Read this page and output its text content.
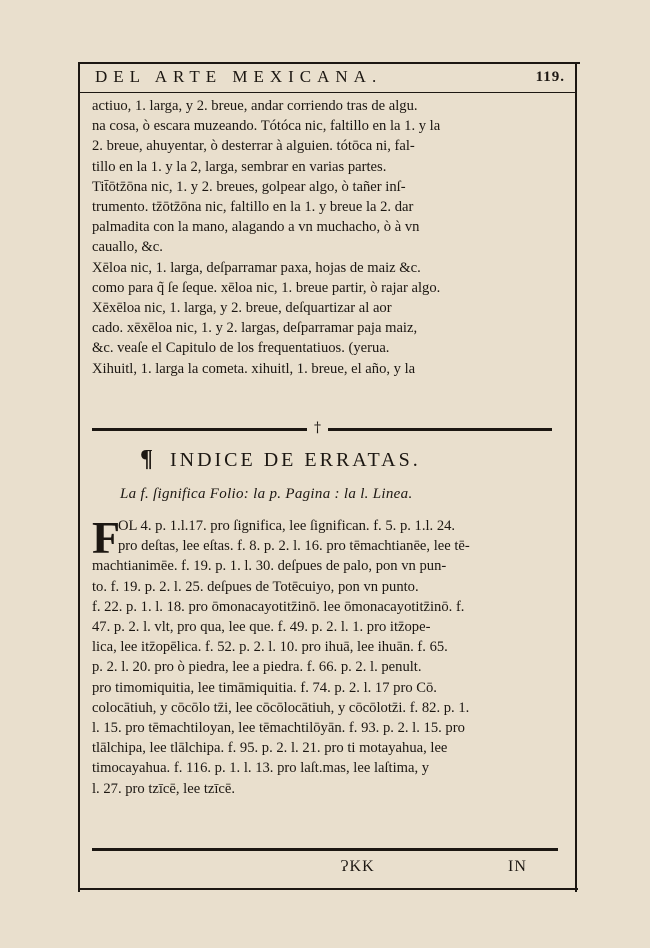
DEL ARTE MEXICANA.	119.
actiuo, 1. larga, y 2. breue, andar corriendo tras de algu.
na cosa, ò escara muzeando. Tótóca nic, faltillo en la 1. y la
2. breue, ahuyentar, ò desterrar à alguien. tótōca ni, fal-
tillo en la 1. y la 2, larga, sembrar en varias partes.
Tit̄ōtz̄ōna nic, 1. y 2. breues, golpear algo, ò tañer inſ-
trumento. tz̄ōtz̄ōna nic, faltillo en la 1. y breue la 2. dar
palmadita con la mano, alagando a vn muchacho, ò à vn
cauallo, &c.
Xēloa nic, 1. larga, deſparramar paxa, hojas de maiz &c.
como para q̃ ſe ſeque. xēloa nic, 1. breue partir, ò rajar algo.
Xēxēloa nic, 1. larga, y 2. breue, deſquartizar al aor
cado. xēxēloa nic, 1. y 2. largas, deſparramar paja maiz,
&c. veaſe el Capitulo de los frequentatiuos. (yerua.
Xihuitl, 1. larga la cometa. xihuitl, 1. breue, el año, y la
†
¶ INDICE DE ERRATAS.
La f. ſignifica Folio: la p. Pagina : la l. Linea.
F
OL 4. p. 1.l.17. pro ſignifica, lee ſignifican. f. 5. p. 1.l. 24.
pro deſtas, lee eſtas. f. 8. p. 2. l. 16. pro tēmachtianēe, lee tē-
machtianimēe. f. 19. p. 1. l. 30. deſpues de palo, pon vn pun-
to. f. 19. p. 2. l. 25. deſpues de Totēcuiyo, pon vn punto.
f. 22. p. 1. l. 18. pro ōmonacayotitz̄inō. lee ōmonacayotitz̄inō. f.
47. p. 2. l. vlt, pro qua, lee que. f. 49. p. 2. l. 1. pro itz̄ope-
lica, lee itz̄opēlica. f. 52. p. 2. l. 10. pro ihuā, lee ihuān. f. 65.
p. 2. l. 20. pro ò piedra, lee a piedra. f. 66. p. 2. l. penult.
pro timomiquitia, lee timāmiquitia. f. 74. p. 2. l. 17 pro Cō.
colocātiuh, y cōcōlo tz̄i, lee cōcōlocātiuh, y cōcōlotz̄i. f. 82. p. 1.
l. 15. pro tēmachtiloyan, lee tēmachtilōyān. f. 93. p. 2. l. 15. pro
tlālchipa, lee tlālchipa. f. 95. p. 2. l. 21. pro ti motayahua, lee
timocayahua. f. 116. p. 1. l. 13. pro laſt.mas, lee laſtima, y
l. 27. pro tzīcē, lee tzīcē.
ɁKK	IN
